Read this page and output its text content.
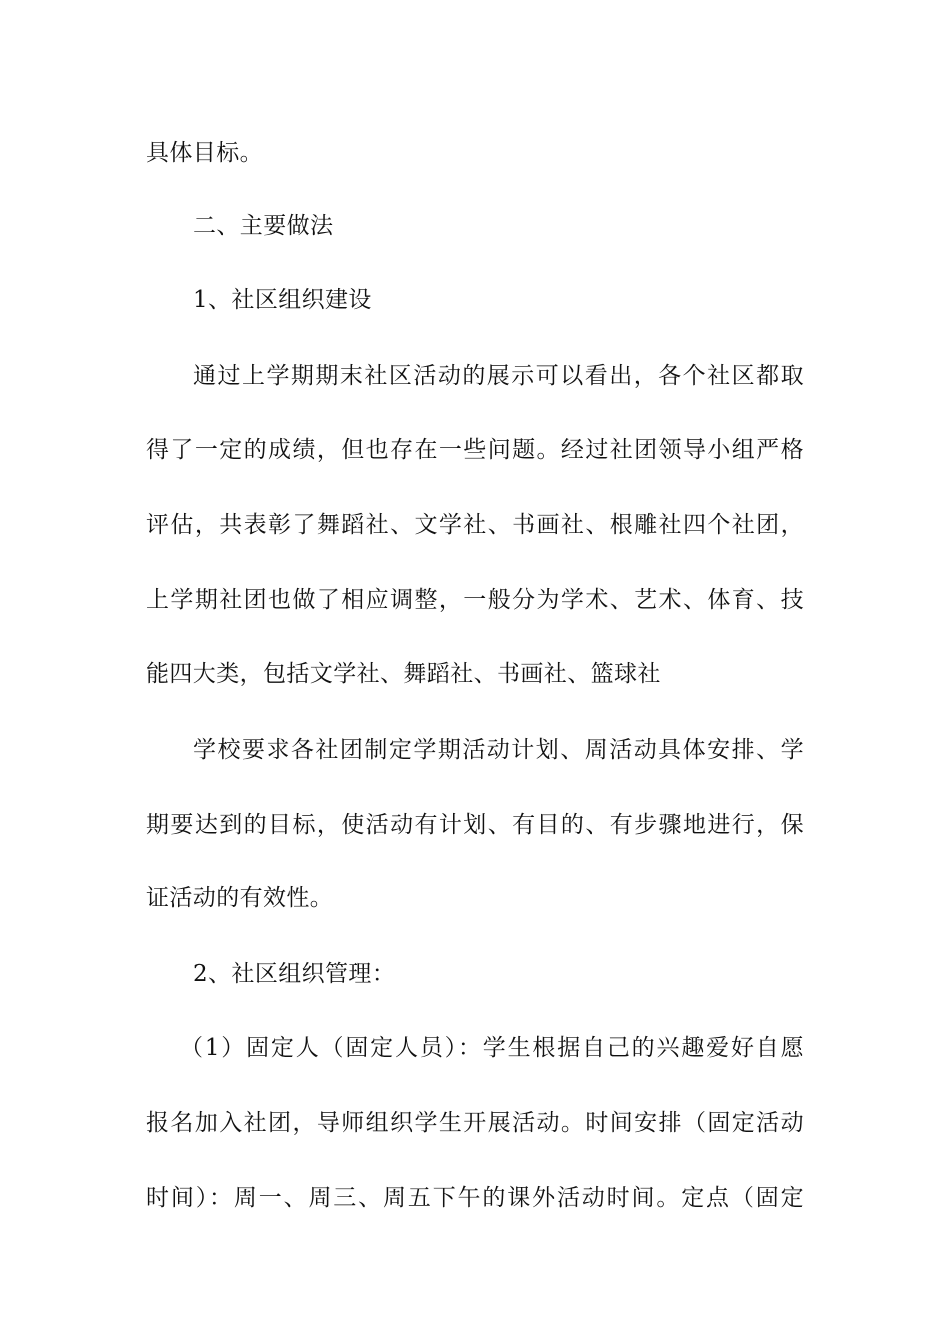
具体目标。
二、主要做法
1、社区组织建设
通过上学期期末社区活动的展示可以看出，各个社区都取
得了一定的成绩，但也存在一些问题。经过社团领导小组严格
评估，共表彰了舞蹈社、文学社、书画社、根雕社四个社团，
上学期社团也做了相应调整，一般分为学术、艺术、体育、技
能四大类，包括文学社、舞蹈社、书画社、篮球社
学校要求各社团制定学期活动计划、周活动具体安排、学
期要达到的目标，使活动有计划、有目的、有步骤地进行，保
证活动的有效性。
2、社区组织管理：
（1）固定人（固定人员）：学生根据自己的兴趣爱好自愿
报名加入社团，导师组织学生开展活动。时间安排（固定活动
时间）：周一、周三、周五下午的课外活动时间。定点（固定
